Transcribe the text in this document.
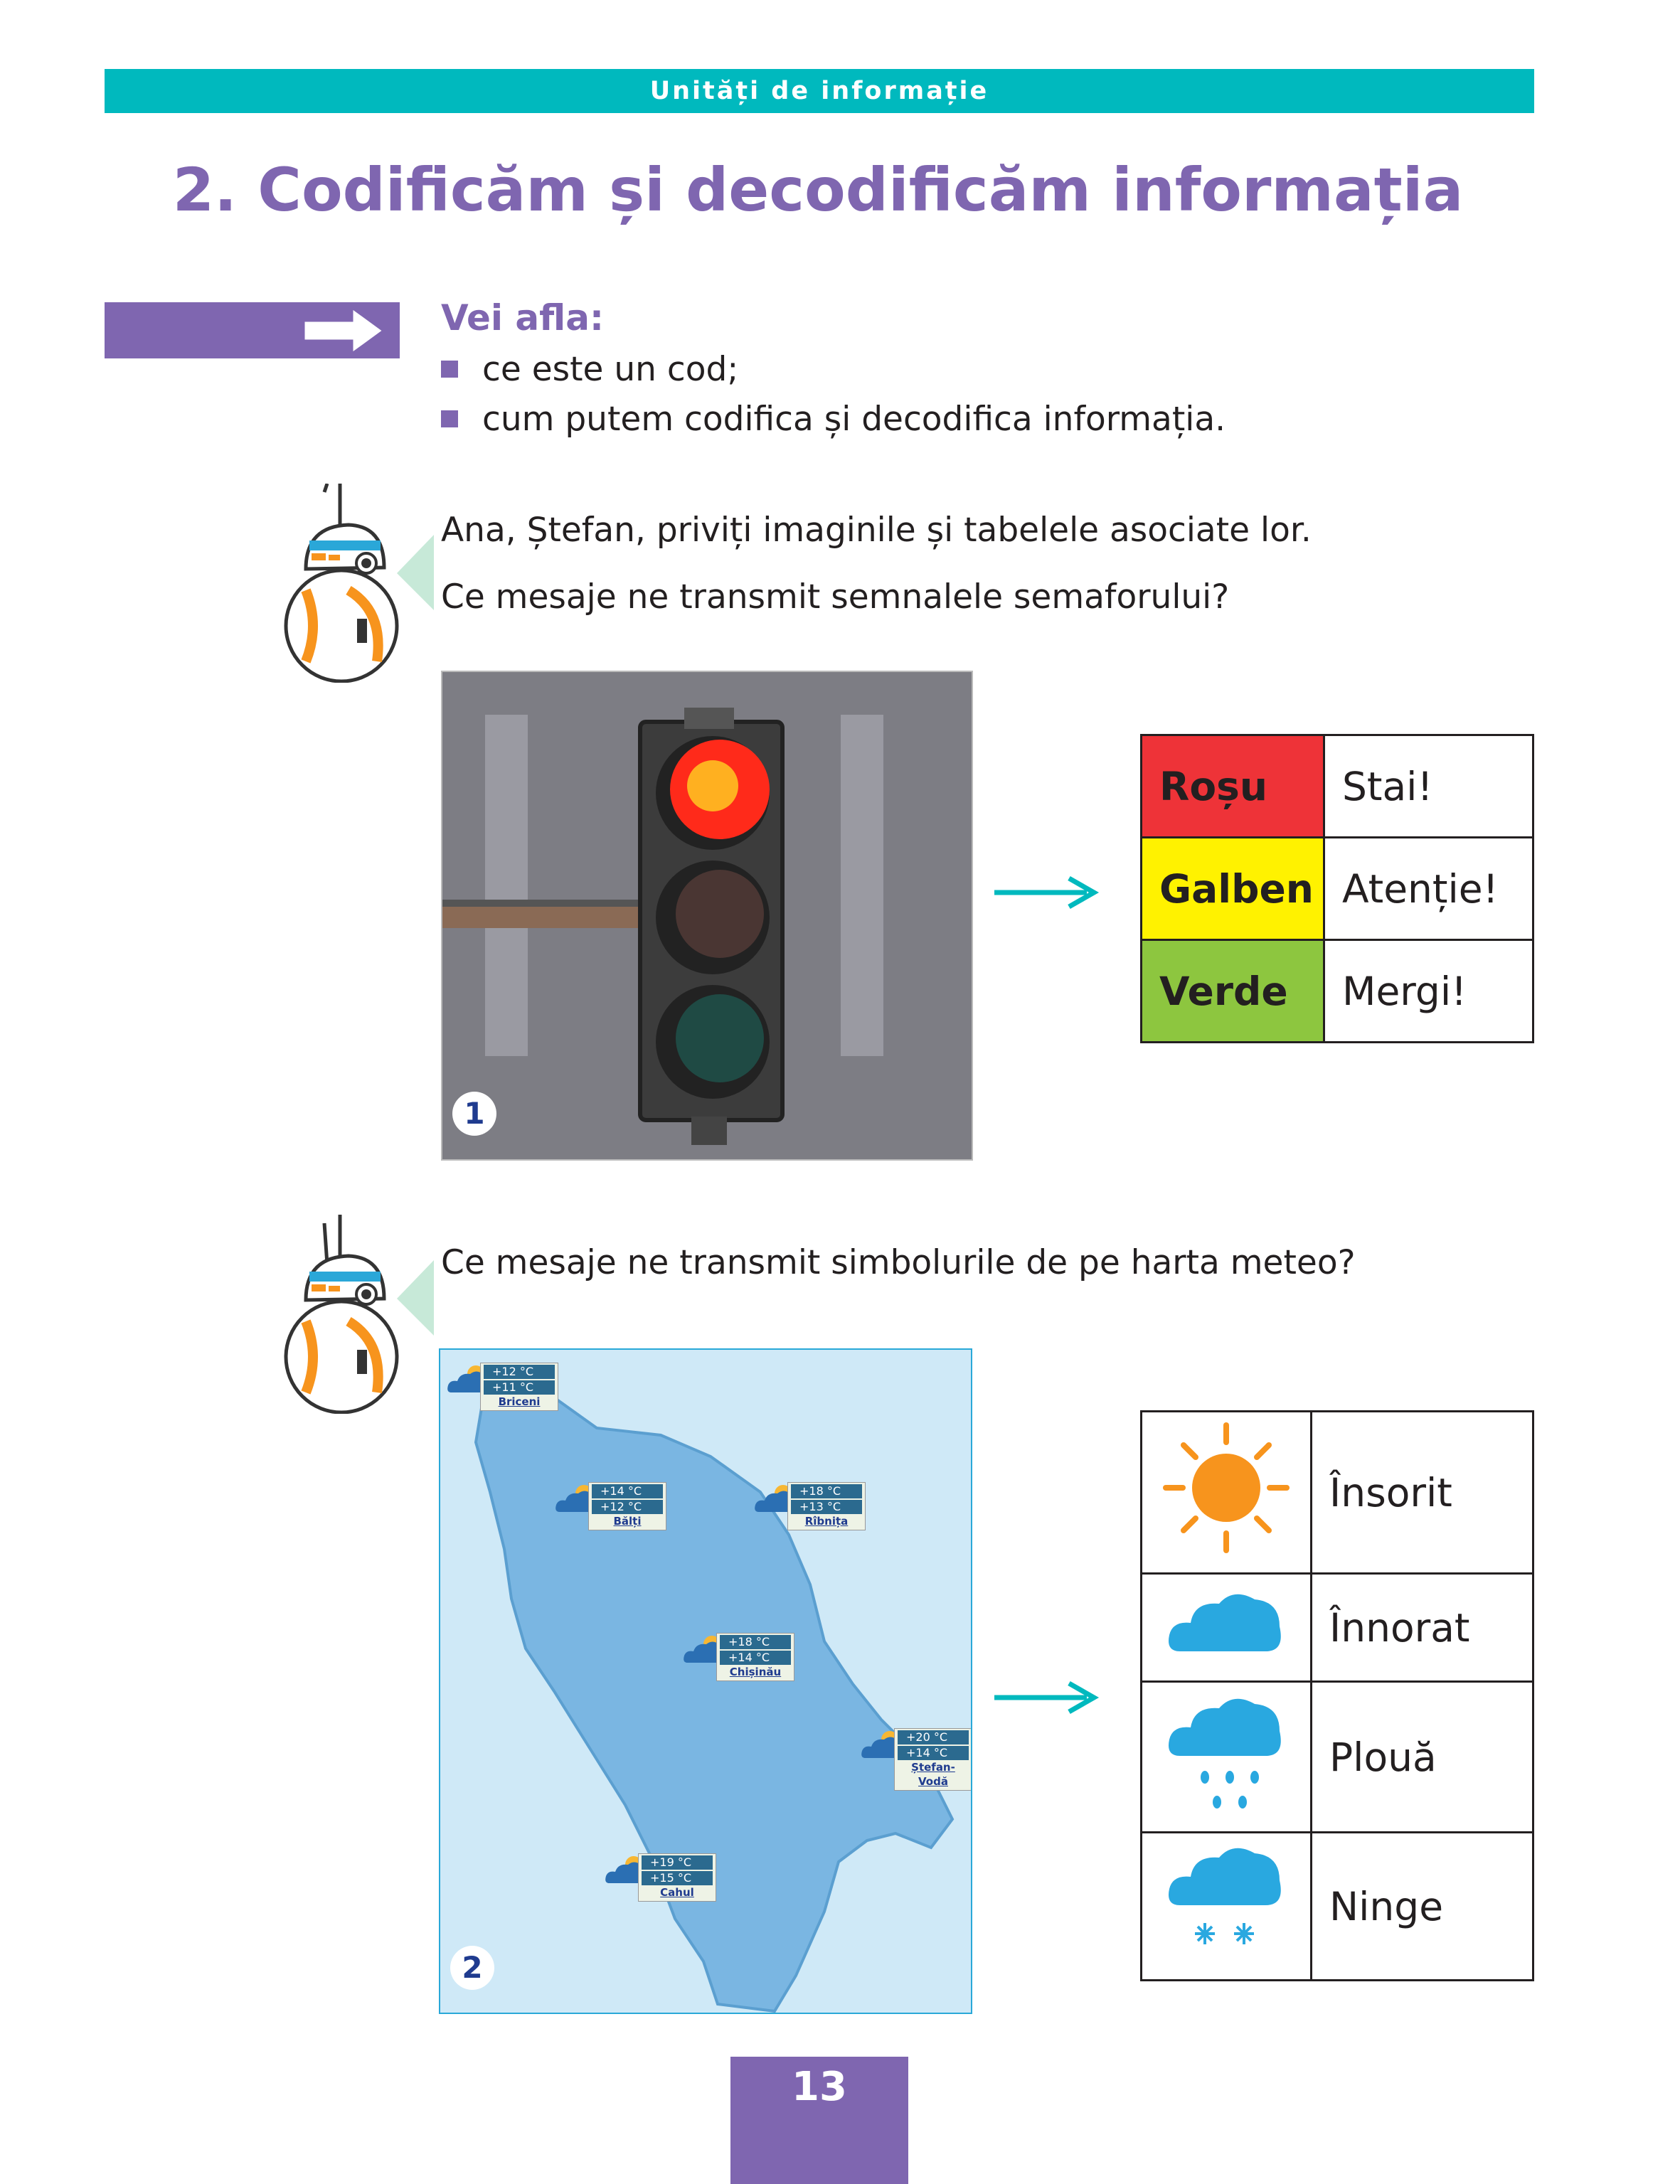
Unități de informație
2. Codificăm și decodificăm informația
Vei afla:
ce este un cod;
cum putem codifica și decodifica informația.
Ana, Ștefan, priviți imaginile și tabelele asociate lor.
Ce mesaje ne transmit semnalele semaforului?
1
Roșu	Stai!
Galben	Atenție!
Verde	Mergi!
Ce mesaje ne transmit simbolurile de pe harta meteo?
+12 °C
+11 °C
Briceni
+14 °C
+12 °C
Bălți
+18 °C
+13 °C
Rîbnița
+18 °C
+14 °C
Chișinău
+20 °C
+14 °C
Ștefan-Vodă
+19 °C
+15 °C
Cahul
2
	Însorit
	Înnorat
	Plouă
	Ninge
13
